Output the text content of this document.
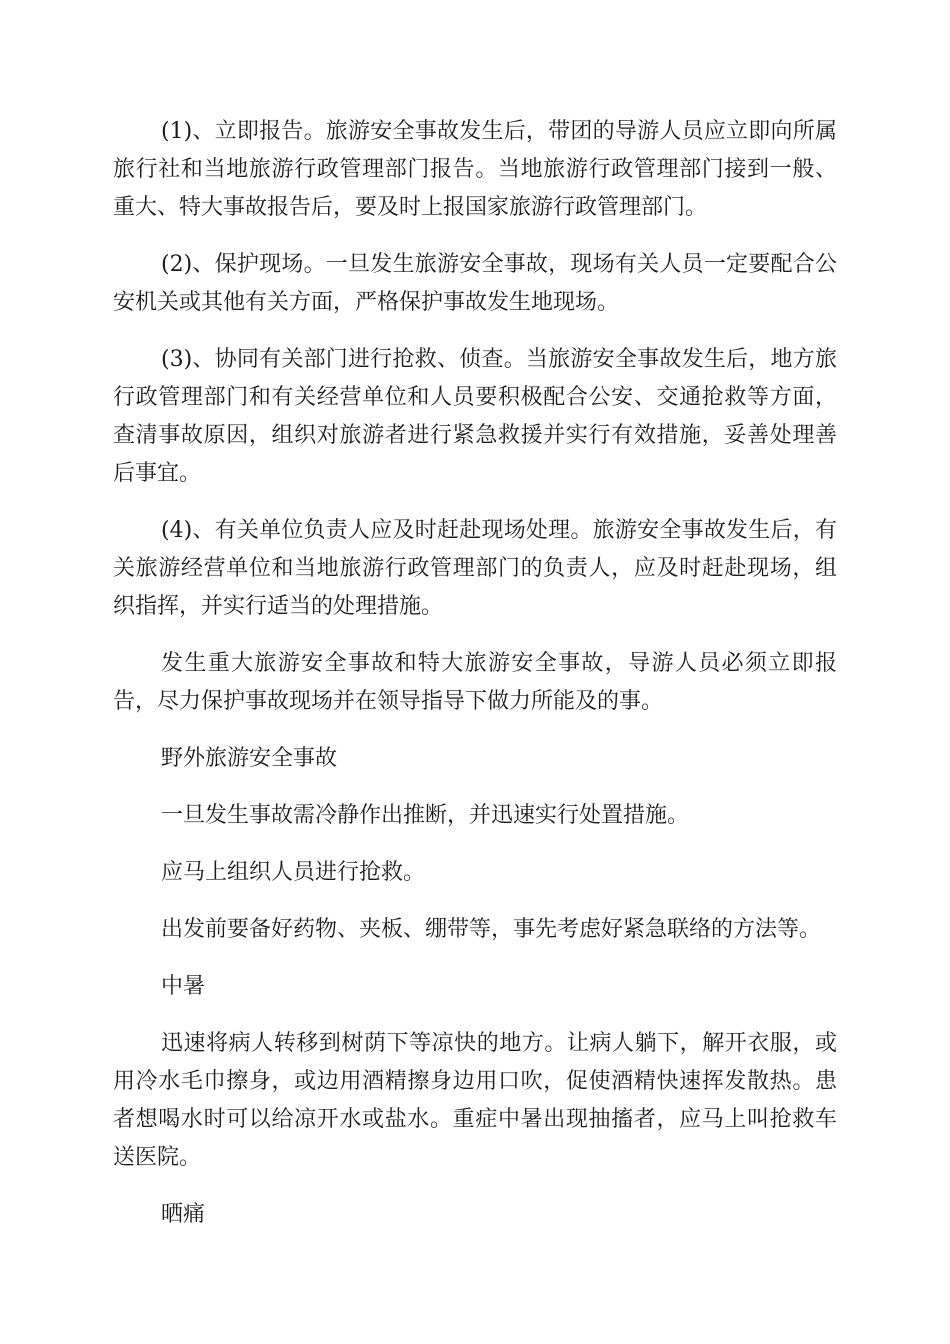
(1)、立即报告。旅游安全事故发生后，带团的导游人员应立即向所属旅行社和当地旅游行政管理部门报告。当地旅游行政管理部门接到一般、重大、特大事故报告后，要及时上报国家旅游行政管理部门。

(2)、保护现场。一旦发生旅游安全事故，现场有关人员一定要配合公安机关或其他有关方面，严格保护事故发生地现场。

(3)、协同有关部门进行抢救、侦查。当旅游安全事故发生后，地方旅行政管理部门和有关经营单位和人员要积极配合公安、交通抢救等方面，查清事故原因，组织对旅游者进行紧急救援并实行有效措施，妥善处理善后事宜。

(4)、有关单位负责人应及时赶赴现场处理。旅游安全事故发生后，有关旅游经营单位和当地旅游行政管理部门的负责人，应及时赶赴现场，组织指挥，并实行适当的处理措施。

发生重大旅游安全事故和特大旅游安全事故，导游人员必须立即报告，尽力保护事故现场并在领导指导下做力所能及的事。

野外旅游安全事故

一旦发生事故需冷静作出推断，并迅速实行处置措施。

应马上组织人员进行抢救。

出发前要备好药物、夹板、绷带等，事先考虑好紧急联络的方法等。

中暑

迅速将病人转移到树荫下等凉快的地方。让病人躺下，解开衣服，或用冷水毛巾擦身，或边用酒精擦身边用口吹，促使酒精快速挥发散热。患者想喝水时可以给凉开水或盐水。重症中暑出现抽搐者，应马上叫抢救车送医院。

晒痛
